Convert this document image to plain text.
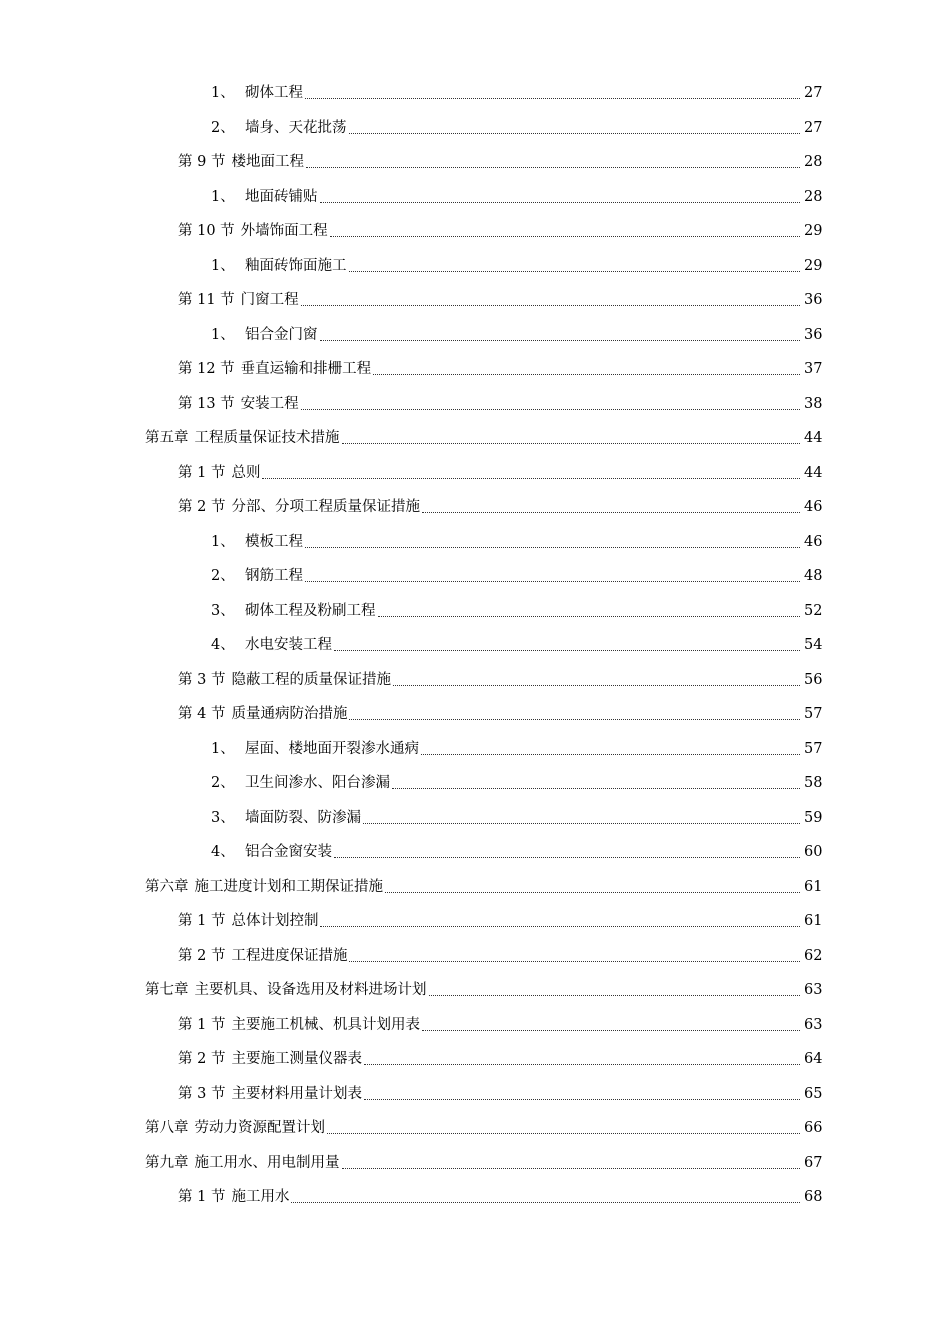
1、 砌体工程	27
2、 墙身、天花批荡	27
第 9 节 楼地面工程	28
1、 地面砖铺贴	28
第 10 节 外墙饰面工程	29
1、 釉面砖饰面施工	29
第 11 节 门窗工程	36
1、 铝合金门窗	36
第 12 节 垂直运输和排栅工程	37
第 13 节 安装工程	38
第五章 工程质量保证技术措施	44
第 1 节 总则	44
第 2 节 分部、分项工程质量保证措施	46
1、 模板工程	46
2、 钢筋工程	48
3、 砌体工程及粉刷工程	52
4、 水电安装工程	54
第 3 节 隐蔽工程的质量保证措施	56
第 4 节 质量通病防治措施	57
1、 屋面、楼地面开裂渗水通病	57
2、 卫生间渗水、阳台渗漏	58
3、 墙面防裂、防渗漏	59
4、 铝合金窗安装	60
第六章 施工进度计划和工期保证措施	61
第 1 节 总体计划控制	61
第 2 节 工程进度保证措施	62
第七章 主要机具、设备选用及材料进场计划	63
第 1 节 主要施工机械、机具计划用表	63
第 2 节 主要施工测量仪器表	64
第 3 节 主要材料用量计划表	65
第八章 劳动力资源配置计划	66
第九章 施工用水、用电制用量	67
第 1 节 施工用水	68
